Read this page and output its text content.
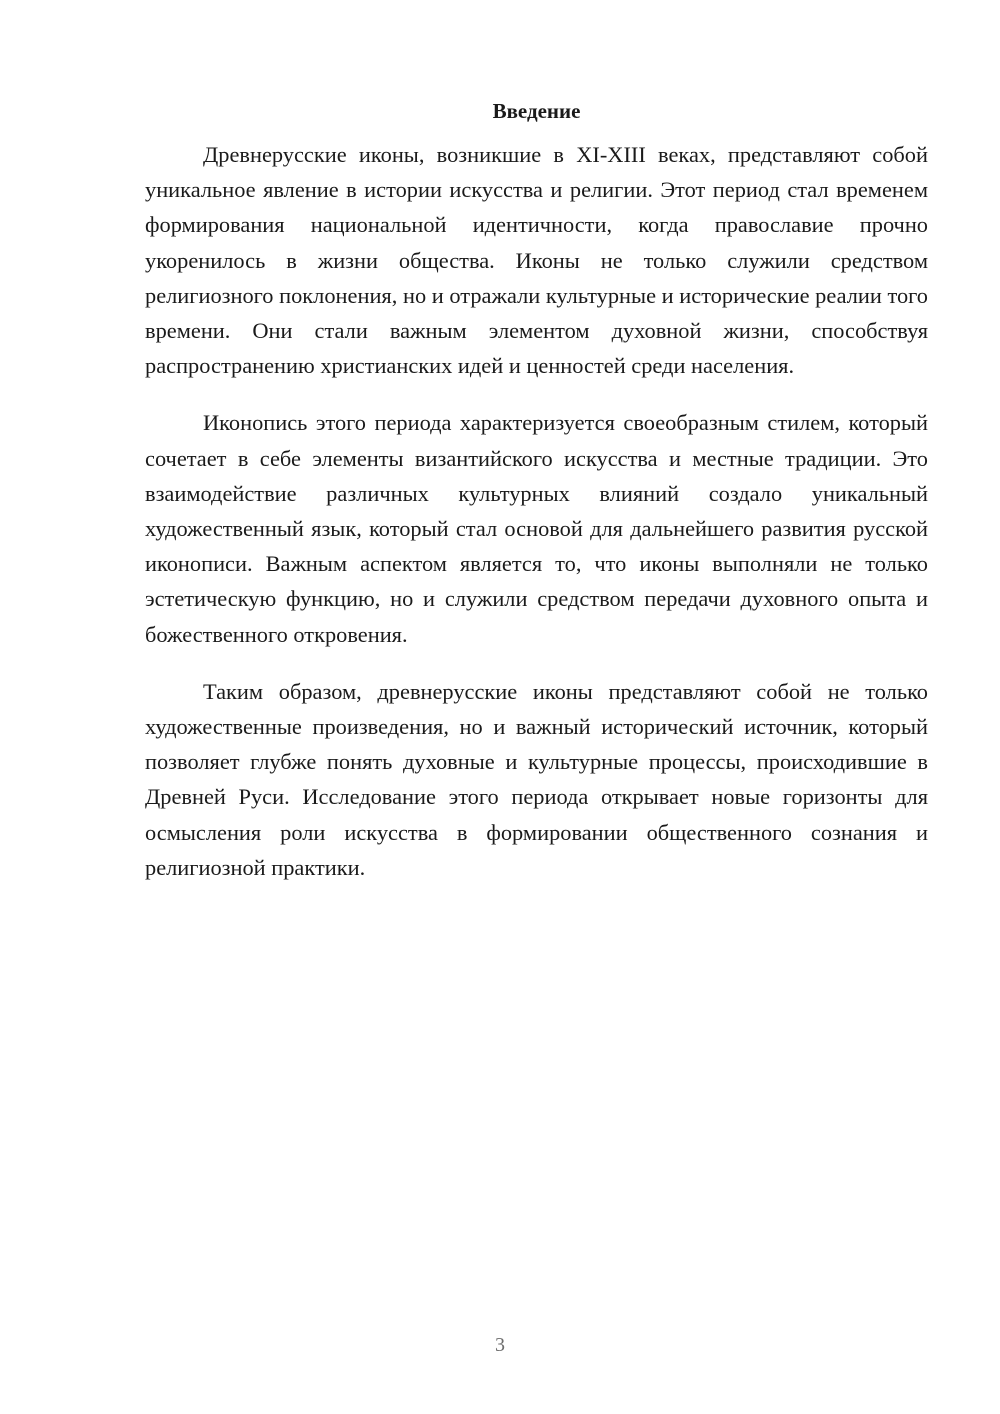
Введение

Древнерусские иконы, возникшие в XI-XIII веках, представляют собой уникальное явление в истории искусства и религии. Этот период стал временем формирования национальной идентичности, когда православие прочно укоренилось в жизни общества. Иконы не только служили средством религиозного поклонения, но и отражали культурные и исторические реалии того времени. Они стали важным элементом духовной жизни, способствуя распространению христианских идей и ценностей среди населения.

Иконопись этого периода характеризуется своеобразным стилем, который сочетает в себе элементы византийского искусства и местные традиции. Это взаимодействие различных культурных влияний создало уникальный художественный язык, который стал основой для дальнейшего развития русской иконописи. Важным аспектом является то, что иконы выполняли не только эстетическую функцию, но и служили средством передачи духовного опыта и божественного откровения.

Таким образом, древнерусские иконы представляют собой не только художественные произведения, но и важный исторический источник, который позволяет глубже понять духовные и культурные процессы, происходившие в Древней Руси. Исследование этого периода открывает новые горизонты для осмысления роли искусства в формировании общественного сознания и религиозной практики.

3
